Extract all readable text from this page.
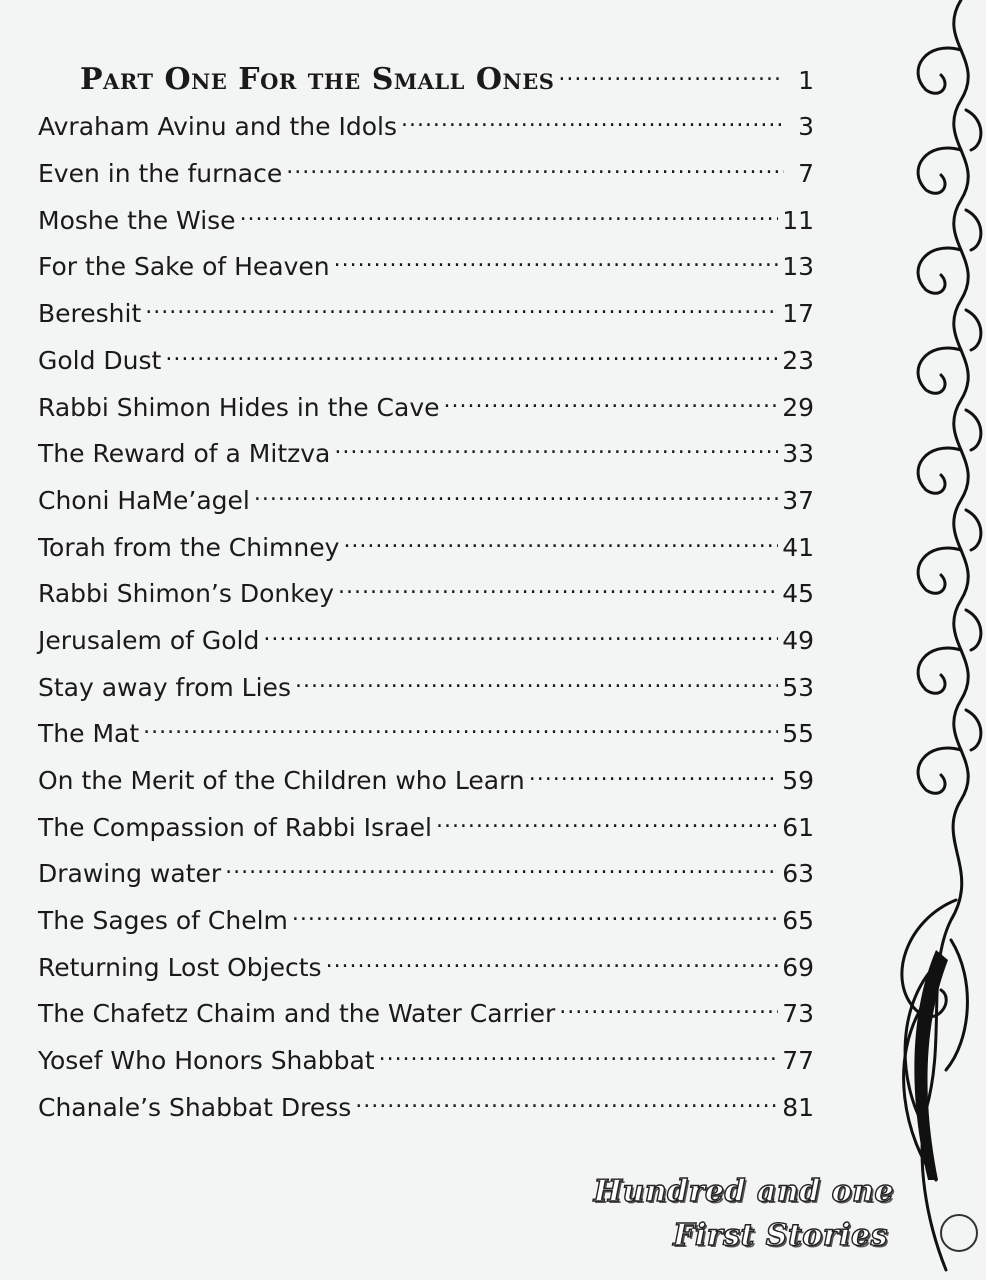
Part One For the Small Ones . . .	1
Avraham Avinu and the Idols . . .	3
Even in the furnace . . .	7
Moshe the Wise . . .	11
For the Sake of Heaven . . .	13
Bereshit . . .	17
Gold Dust . . .	23
Rabbi Shimon Hides in the Cave . . .	29
The Reward of a Mitzva . . .	33
Choni HaMe’agel . . .	37
Torah from the Chimney . . .	41
Rabbi Shimon’s Donkey . . .	45
Jerusalem of Gold . . .	49
Stay away from Lies . . .	53
The Mat . . .	55
On the Merit of the Children who Learn . . .	59
The Compassion of Rabbi Israel . . .	61
Drawing water . . .	63
The Sages of Chelm . . .	65
Returning Lost Objects . . .	69
The Chafetz Chaim and the Water Carrier . . .	73
Yosef Who Honors Shabbat . . .	77
Chanale’s Shabbat Dress . . .	81
Hundred and one
First Stories
